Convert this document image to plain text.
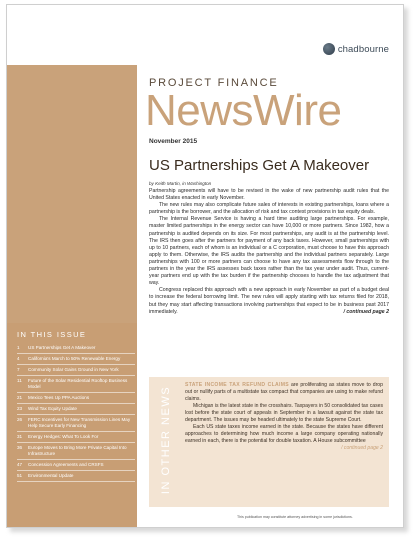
chadbourne
PROJECT FINANCE
NewsWire
November 2015
US Partnerships Get A Makeover
by Keith Martin, in Washington

Partnership agreements will have to be revised in the wake of new partnership audit rules that the United States enacted in early November.

The new rules may also complicate future sales of interests in existing partnerships, loans where a partnership is the borrower, and the allocation of risk and tax contest provisions in tax equity deals.

The Internal Revenue Service is having a hard time auditing large partnerships. For example, master limited partnerships in the energy sector can have 10,000 or more partners. Since 1982, how a partnership is audited depends on its size. For most partnerships, any audit is at the partnership level. The IRS then goes after the partners for payment of any back taxes. However, small partnerships with up to 10 partners, each of whom is an individual or a C corporation, must choose to have this approach apply to them. Otherwise, the IRS audits the partnership and the individual partners separately. Large partnerships with 100 or more partners can choose to have any tax assessments flow through to the partners in the year the IRS assesses back taxes rather than the tax year under audit. Thus, current-year partners end up with the tax burden if the partnership chooses to handle the tax adjustment that way.

Congress replaced this approach with a new approach in early November as part of a budget deal to increase the federal borrowing limit. The new rules will apply starting with tax returns filed for 2018, but they may start affecting transactions involving partnerships that expect to be in business past 2017 immediately.	/ continued page 2

IN THIS ISSUE
1	US Partnerships Get A Makeover
4	California's March to 50% Renewable Energy
7	Community Solar Gains Ground in New York
11	Future of the Solar Residential Rooftop Business Model
21	Mexico Tees Up PPA Auctions
23	Wind Tax Equity Update
26	FERC Incentives for New Transmission Lines May Help Secure Early Financing
31	Energy Hedges: What To Look For
36	Europe Moves to Bring More Private Capital Into Infrastructure
47	Concession Agreements and CRSFS
51	Environmental Update	IN OTHER NEWS

STATE INCOME TAX REFUND CLAIMS are proliferating as states move to drop out or nullify parts of a multistate tax compact that companies are using to make refund claims.

Michigan is the latest state in the crosshairs. Taxpayers in 50 consolidated tax cases lost before the state court of appeals in September in a lawsuit against the state tax department. The issues may be headed ultimately to the state Supreme Court.

Each US state taxes income earned in the state. Because the states have different approaches to determining how much income a large company operating nationally earned in each, there is the potential for double taxation. A House subcommittee
/ continued page 2

This publication may constitute attorney advertising in some jurisdictions.
